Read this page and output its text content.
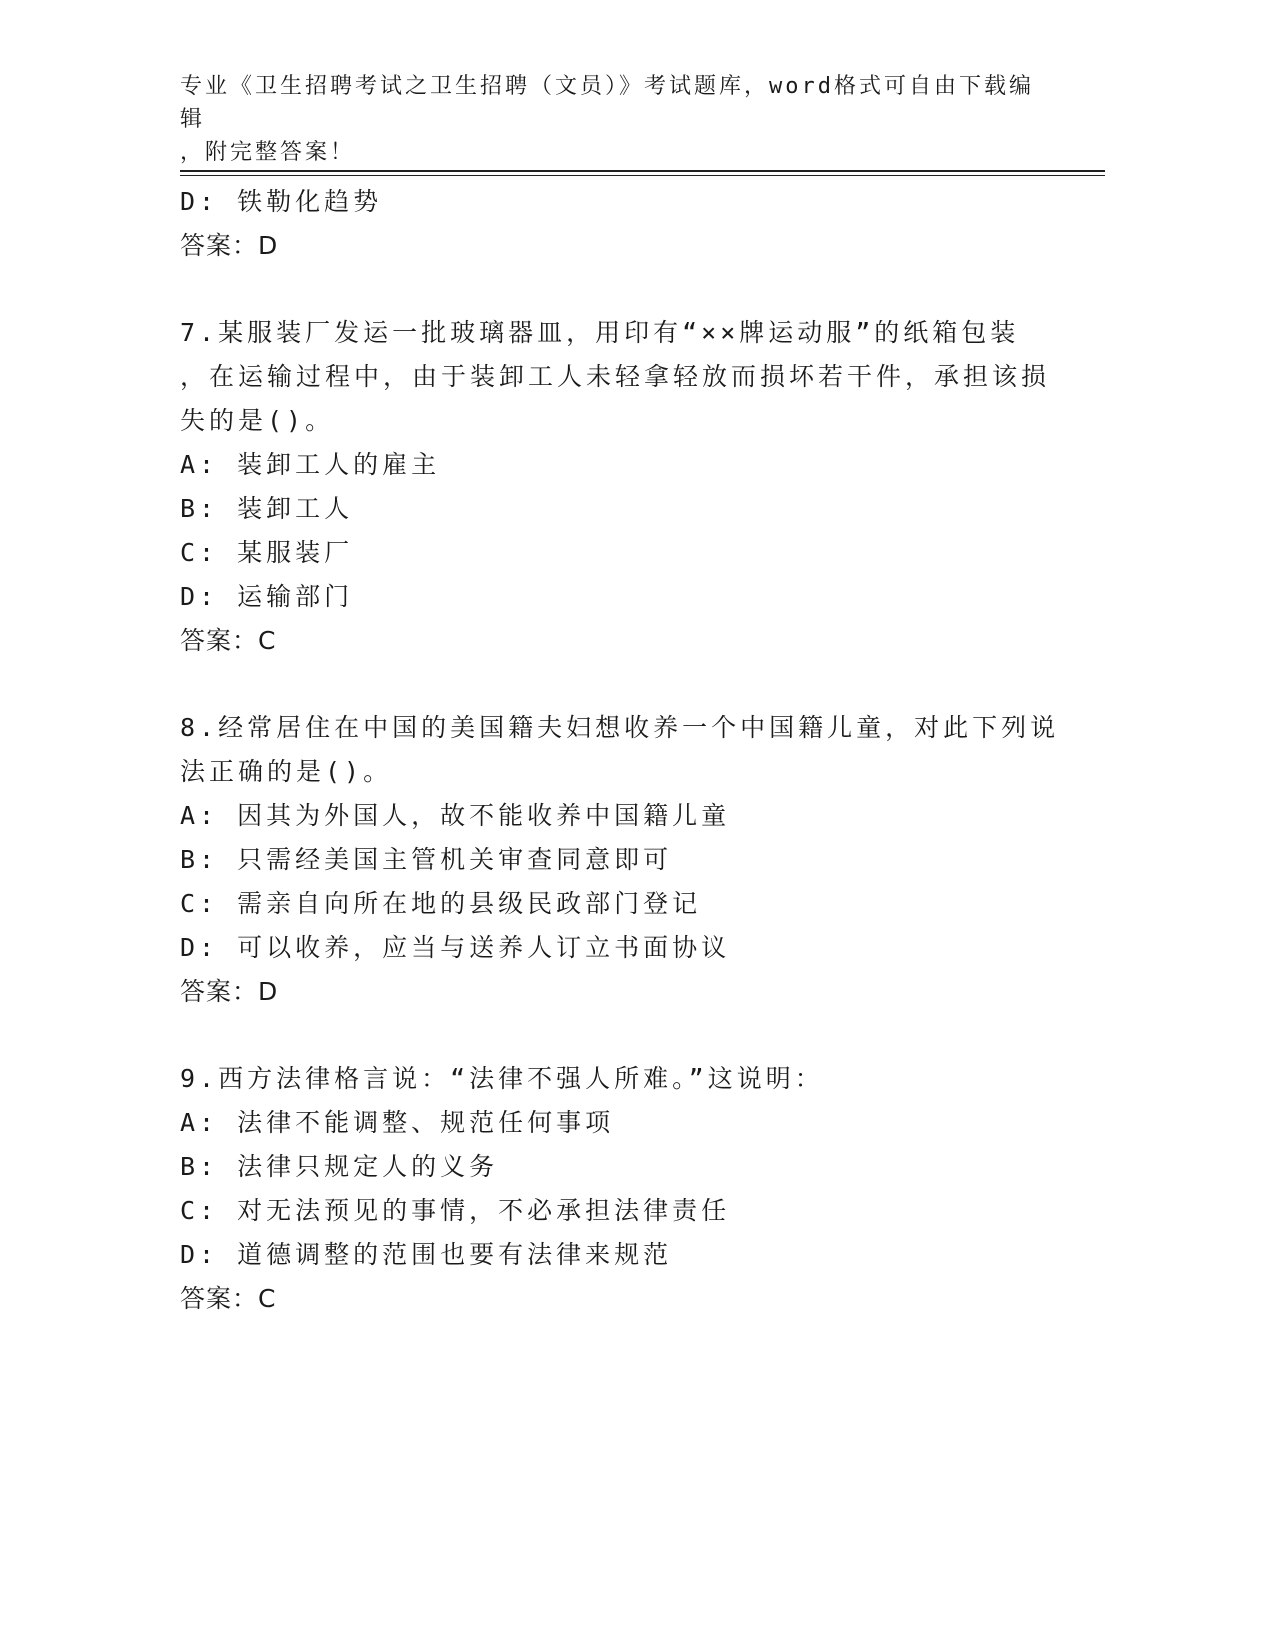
专业《卫生招聘考试之卫生招聘（文员）》考试题库，word格式可自由下载编辑
，附完整答案！
D: 铁勒化趋势
答案：D
7.某服装厂发运一批玻璃器皿，用印有“××牌运动服”的纸箱包装
，在运输过程中，由于装卸工人未轻拿轻放而损坏若干件，承担该损
失的是()。
A: 装卸工人的雇主
B: 装卸工人
C: 某服装厂
D: 运输部门
答案：C
8.经常居住在中国的美国籍夫妇想收养一个中国籍儿童，对此下列说
法正确的是()。
A: 因其为外国人，故不能收养中国籍儿童
B: 只需经美国主管机关审查同意即可
C: 需亲自向所在地的县级民政部门登记
D: 可以收养，应当与送养人订立书面协议
答案：D
9.西方法律格言说：“法律不强人所难。”这说明：
A: 法律不能调整、规范任何事项
B: 法律只规定人的义务
C: 对无法预见的事情，不必承担法律责任
D: 道德调整的范围也要有法律来规范
答案：C
